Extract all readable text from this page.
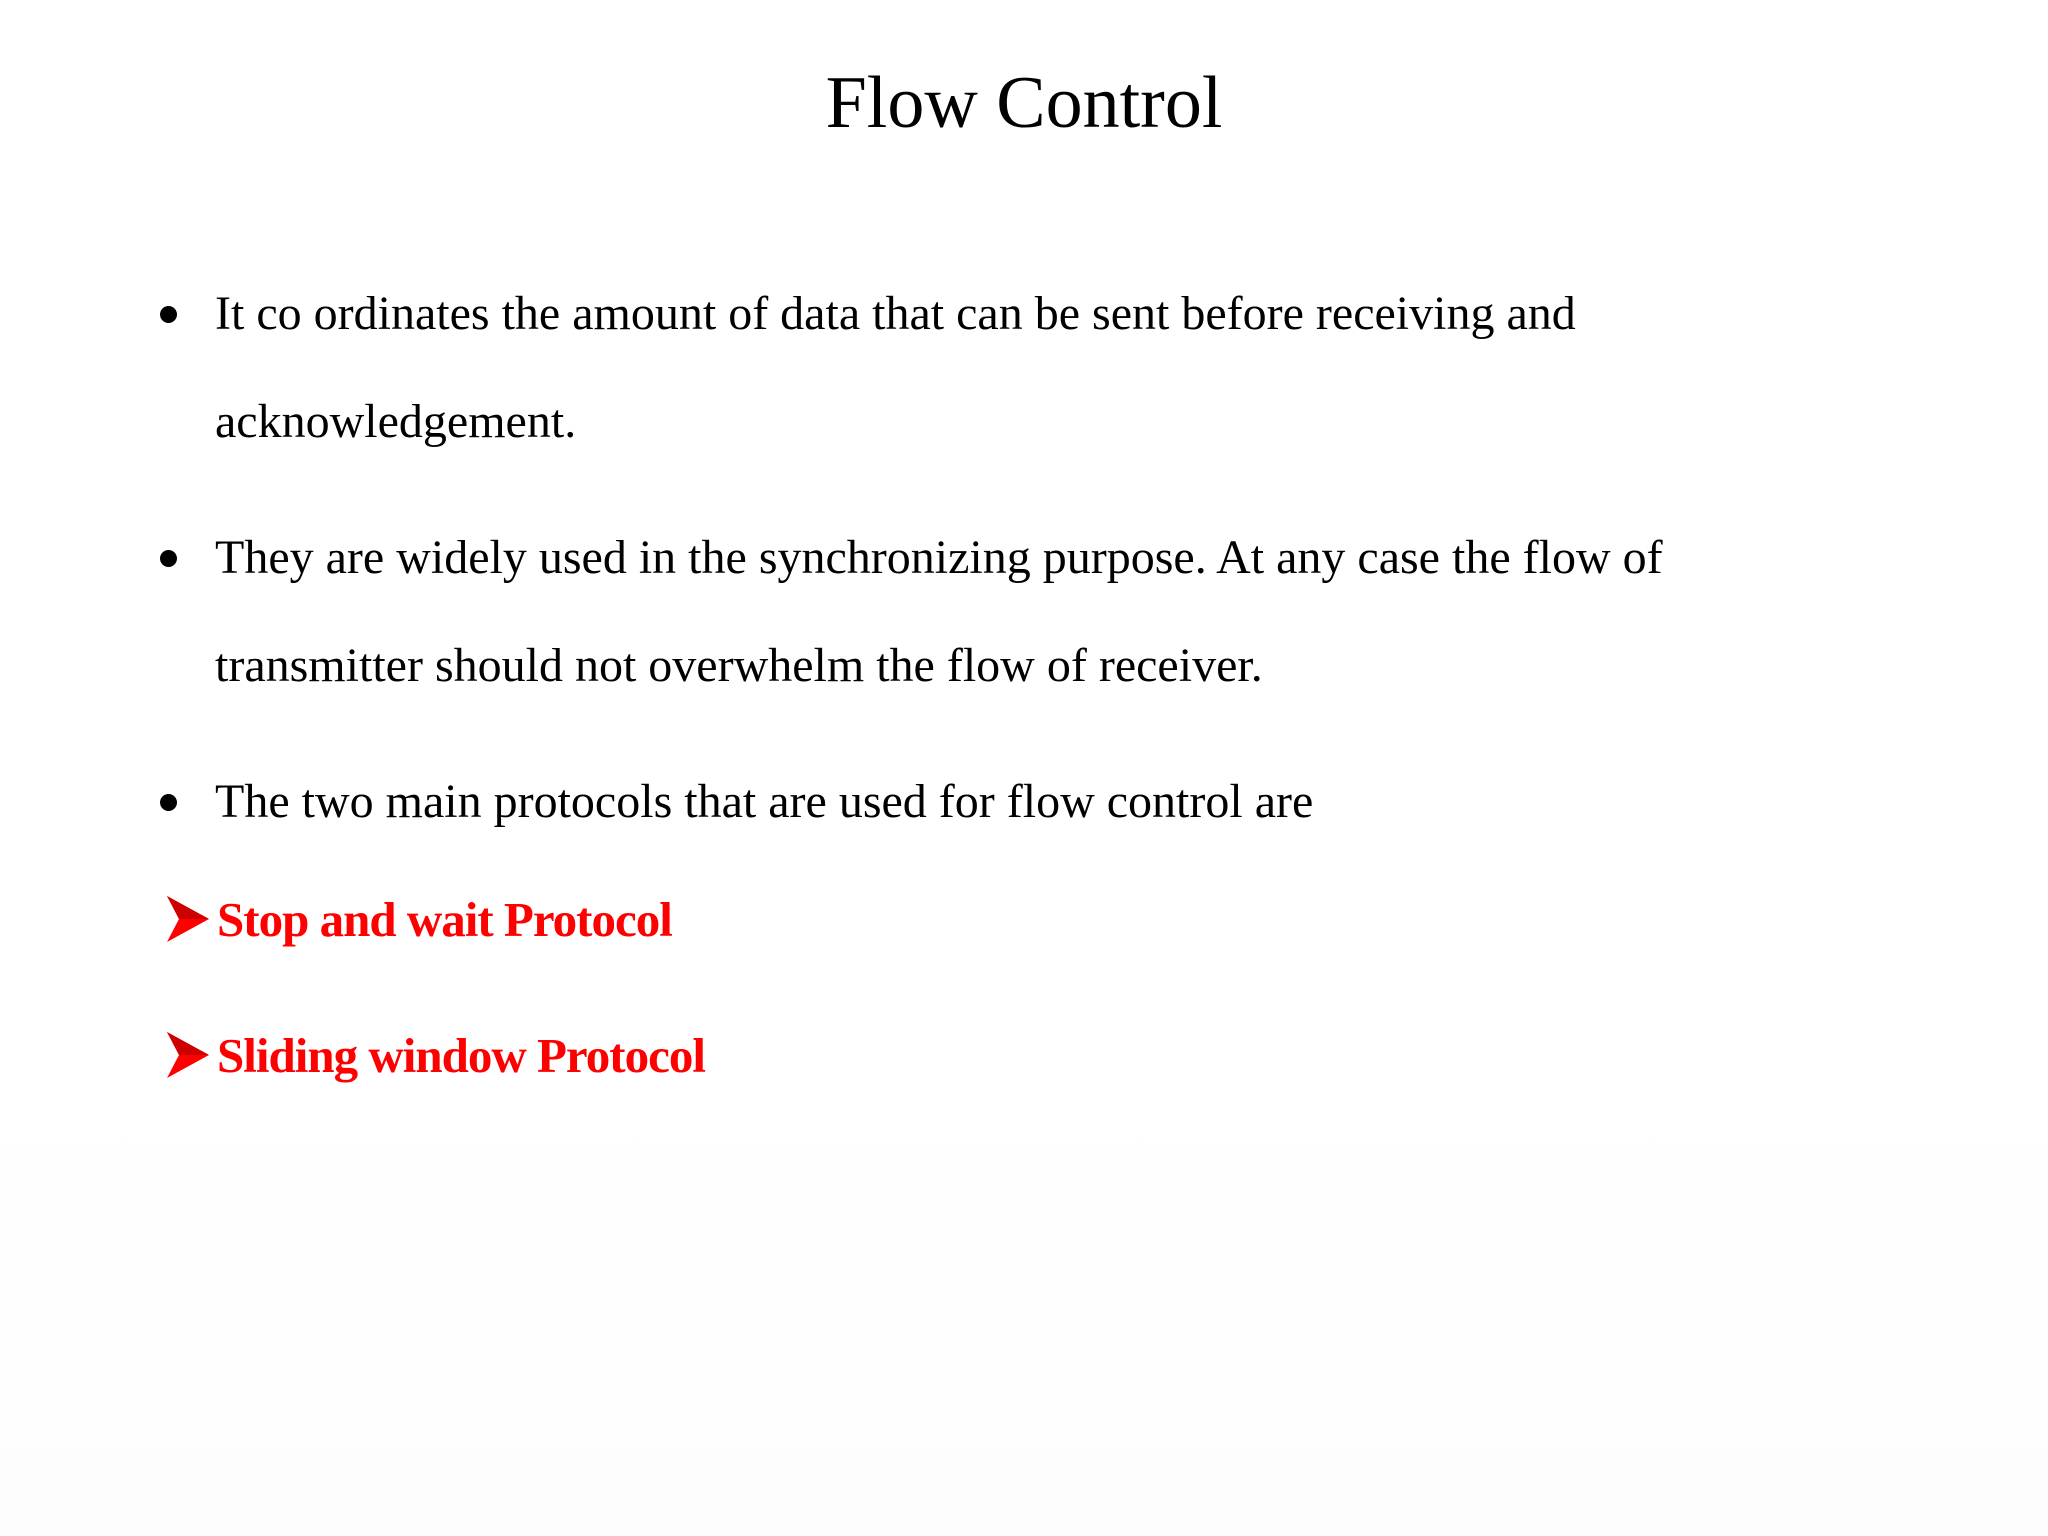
Flow Control
It co ordinates the amount of data that can be sent before receiving and acknowledgement.
They are widely used in the synchronizing purpose. At any case the flow of transmitter should not overwhelm the flow of receiver.
The two main protocols that are used for flow control are
Stop and wait Protocol
Sliding window Protocol
